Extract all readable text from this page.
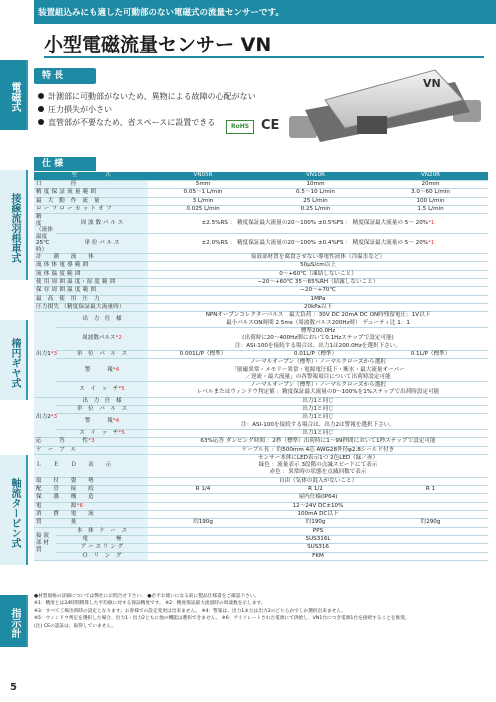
電磁式
接線流羽根車式
楕円ギヤ式
軸流タービン式
指示計
装置組込みにも適した可動部のない電磁式の流量センサーです。
小型電磁流量センサー VN
特 長
計測部に可動部がないため、異物による故障の心配がない
圧力損失が小さい
直管部が不要なため、省スペースに設置できる	RoHS CE
VN
仕 様
型　　　　　式		VN05R	VN10R	VN20R
口　　　　　径		5mm	10mm	20mm
精 度 保 証 流 量 範 囲		0.05～1 L/min	0.5～10 L/min	3.0～60 L/min
最　大　動　作　流　量		3 L/min	25 L/min	100 L/min
ロ ー フ ロ ー カ ッ ト オ フ		0.025 L/min	0.25 L/min	1.5 L/min
精　　度 （流体温度 25℃時）	周 波 数 パ ル ス	±2.5%RS ： 精度保証最大流量の20～100% ±0.5%FS ： 精度保証最大流量の 5～ 20%*1		
	単 位 パ ル ス	±2.0%RS ： 精度保証最大流量の20～100% ±0.4%FS ： 精度保証最大流量の 5～ 20%*1		
計　　測　　流　　体		接液部材質を腐食させない導電性液体（冷温水など）		
流 体 体 電 導 範 囲		50μS/cm以上		
流 体 温 度 範 囲		0～+60℃（凍結しないこと）		
使 用 周 囲 温 度・湿 度 範 囲		−20～+60℃ 35～85%RH（結露しないこと）		
保 存 周 囲 温 度 範 囲		−20～+70℃		
最　高　使　用　圧　力		1MPa		
圧力損失 （精度保証最大流量時）		20kPa以下		
出力1*3	出　力　仕　様	NPNオープンコレクターパルス　最大負荷 ：30V DC 20mA DC ON時残留電圧：1V以下
最小パルスON時間 2.5ms（周波数パルス200Hz時） デューティ比 1：1		

	周波数パルス*2	標準200.0Hz
(出荷時に20～400Hz間において0.1Hzステップで設定可能)
注：ASI-100を接続する場合は、出力1は200.0Hzを選択下さい。		

	単　位　パ　ル　ス	0.001L/P（標準）	0.01L/P（標準）	0.1L/P（標準）
	警　　　報*4	ノーマルオープン（標準）・ノーマルクローズから選択
「励磁異常・メモリー異常・電源電圧低下・断水・最大流量オーバー
／逆流・最大流量」の各警報項目について出荷時設定可能		

	ス　イ　ッ　チ*5	ノーマルオープン（標準）・ノーマルクローズから選択
レベルまたはウィンドウ判定値 ：精度保証最大流量の0～100%を1%ステップで出荷時設定可能		

出力2*3	出　力　仕　様	出力1と同じ		
	単　位　パ　ル　ス	出力1と同じ		
	警　　　報*4	出力1と同じ
注：ASI-100を接続する場合は、出力2は警報を選択下さい。		

	ス　イ　ッ　チ*5	出力1と同じ		
応　　　答　　　性*3		63%応答 ダンピング時間 ：2秒（標準）出荷時に1～99秒間において1秒ステップで設定可能		
ケ　ー　ブ　ル		ケーブル長 ：約500mm 4芯 AWG28外径φ2.8シールド付き		
Ｌ　　Ｅ　　Ｄ　　表　　示		センサー本体にLED表示1つ 2色LED（緑／赤）
緑色 ：流量表示 3段階の点滅スピードにて表示
赤色 ：異常時の状態を点滅回数で表示		

取　　付　　姿　　勢		自由（気体の混入がないこと）		
配　　管　　接　　続		R 1/4	R 1/2	R 1
保　　護　　構　　造		屋内仕様(IP64)		
電　　　　　源*6		12～24V DC±10%		
消　　費　　電　　流		100mA DC以下		
質　　　　　量		約190g	約190g	約290g
接 液 部 材 質	本　体　ケ　ー　ス	PPS		
	電　　　　　極	SUS316L		
	ア ー ス リ ン グ	SUS316		
	Ｏ　リ　ン　グ	FKM		
●材質規格の詳細については弊社にお問合せ下さい。 ●必ずお使いになる前に製品仕様書をご確認下さい。
※1：精度とは24時間積算した平均値に対する保証精度です。 ※2：精度保証最大流量時の周波数を示します。
※3：すべて工場出荷時の設定となります。お客様での設定変更は出来ません。 ※4：警報は、出力1または出力2のどちらかでしか選択出来ません。
※5：ウィンドウ判定を選択した場合、出力1・出力2ともに他の機能は選択できません。 ※6：アイソレートされた電源にて供給し、VN1台につき電源1台を接続することを推奨。
(注) CEの認証は、取得していません。
5
